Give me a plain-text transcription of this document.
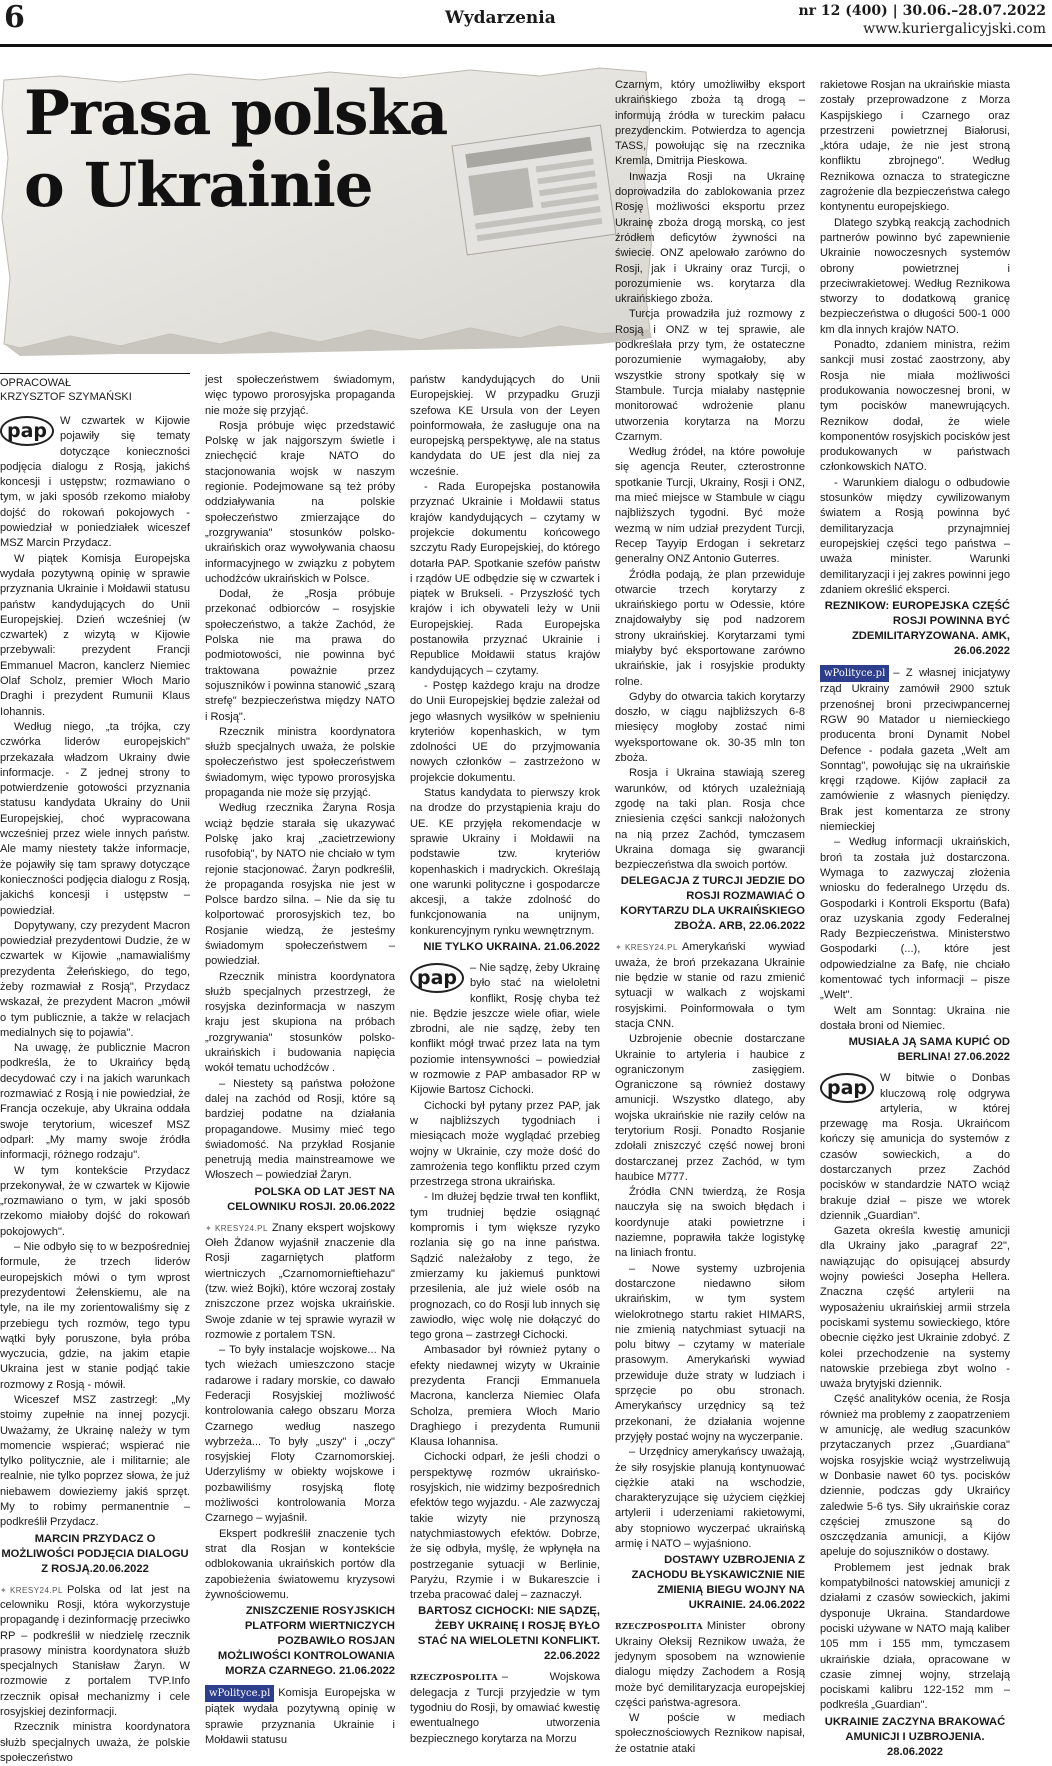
6	Wydarzenia	nr 12 (400) | 30.06.–28.07.2022
www.kuriergalicyjski.com
Prasa polska
o Ukrainie
OPRACOWAŁ
KRZYSZTOF SZYMAŃSKI
pap	W czwartek w Kijowie pojawiły się tematy dotyczące konieczności podjęcia dialogu z Rosją, jakichś koncesji i ustępstw; rozmawiano o tym, w jaki sposób rzekomo miałoby dojść do rokowań pokojowych - powiedział w poniedziałek wiceszef MSZ Marcin Przydacz.

W piątek Komisja Europejska wydała pozytywną opinię w sprawie przyznania Ukrainie i Mołdawii statusu państw kandydujących do Unii Europejskiej. Dzień wcześniej (w czwartek) z wizytą w Kijowie przebywali: prezydent Francji Emmanuel Macron, kanclerz Niemiec Olaf Scholz, premier Włoch Mario Draghi i prezydent Rumunii Klaus Iohannis.

Według niego, „ta trójka, czy czwórka liderów europejskich" przekazała władzom Ukrainy dwie informacje. - Z jednej strony to potwierdzenie gotowości przyznania statusu kandydata Ukrainy do Unii Europejskiej, choć wypracowana wcześniej przez wiele innych państw. Ale mamy niestety także informacje, że pojawiły się tam sprawy dotyczące konieczności podjęcia dialogu z Rosją, jakichś koncesji i ustępstw – powiedział.

Dopytywany, czy prezydent Macron powiedział prezydentowi Dudzie, że w czwartek w Kijowie „namawialiśmy prezydenta Żełeńskiego, do tego, żeby rozmawiał z Rosją", Przydacz wskazał, że prezydent Macron „mówił o tym publicznie, a także w relacjach medialnych się to pojawia".

Na uwagę, że publicznie Macron podkreśla, że to Ukraińcy będą decydować czy i na jakich warunkach rozmawiać z Rosją i nie powiedział, że Francja oczekuje, aby Ukraina oddała swoje terytorium, wiceszef MSZ odparł: „My mamy swoje źródła informacji, różnego rodzaju".

W tym kontekście Przydacz przekonywał, że w czwartek w Kijowie „rozmawiano o tym, w jaki sposób rzekomo miałoby dojść do rokowań pokojowych".

– Nie odbyło się to w bezpośredniej formule, że trzech liderów europejskich mówi o tym wprost prezydentowi Żełenskiemu, ale na tyle, na ile my zorientowaliśmy się z przebiegu tych rozmów, tego typu wątki były poruszone, była próba wyczucia, gdzie, na jakim etapie Ukraina jest w stanie podjąć takie rozmowy z Rosją - mówił.

Wiceszef MSZ zastrzegł: „My stoimy zupełnie na innej pozycji. Uważamy, że Ukrainę należy w tym momencie wspierać; wspierać nie tylko politycznie, ale i militarnie; ale realnie, nie tylko poprzez słowa, że już niebawem dowieziemy jakiś sprzęt. My to robimy permanentnie – podkreślił Przydacz.

MARCIN PRZYDACZ O MOŻLIWOŚCI PODJĘCIA DIALOGU Z ROSJĄ.20.06.2022

✦ KRESY24.PL Polska od lat jest na celowniku Rosji, która wykorzystuje propagandę i dezinformację przeciwko RP – podkreślił w niedzielę rzecznik prasowy ministra koordynatora służb specjalnych Stanisław Żaryn. W rozmowie z portalem TVP.Info rzecznik opisał mechanizmy i cele rosyjskiej dezinformacji.

Rzecznik ministra koordynatora służb specjalnych uważa, że polskie społeczeństwo

jest społeczeństwem świadomym, więc typowo prorosyjska propaganda nie może się przyjąć.

Rosja próbuje więc przedstawić Polskę w jak najgorszym świetle i zniechęcić kraje NATO do stacjonowania wojsk w naszym regionie. Podejmowane są też próby oddziaływania na polskie społeczeństwo zmierzające do „rozgrywania" stosunków polsko-ukraińskich oraz wywoływania chaosu informacyjnego w związku z pobytem uchodźców ukraińskich w Polsce.

Dodał, że „Rosja próbuje przekonać odbiorców – rosyjskie społeczeństwo, a także Zachód, że Polska nie ma prawa do podmiotowości, nie powinna być traktowana poważnie przez sojuszników i powinna stanowić „szarą strefę" bezpieczeństwa między NATO i Rosją".

Rzecznik ministra koordynatora służb specjalnych uważa, że polskie społeczeństwo jest społeczeństwem świadomym, więc typowo prorosyjska propaganda nie może się przyjąć.

Według rzecznika Żaryna Rosja wciąż będzie starała się ukazywać Polskę jako kraj „zacietrzewiony rusofobią", by NATO nie chciało w tym rejonie stacjonować. Żaryn podkreślił, że propaganda rosyjska nie jest w Polsce bardzo silna. – Nie da się tu kolportować prorosyjskich tez, bo Rosjanie wiedzą, że jesteśmy świadomym społeczeństwem – powiedział.

Rzecznik ministra koordynatora służb specjalnych przestrzegł, że rosyjska dezinformacja w naszym kraju jest skupiona na próbach „rozgrywania" stosunków polsko-ukraińskich i budowania napięcia wokół tematu uchodźców .

– Niestety są państwa położone dalej na zachód od Rosji, które są bardziej podatne na działania propagandowe. Musimy mieć tego świadomość. Na przykład Rosjanie penetrują media mainstreamowe we Włoszech – powiedział Żaryn.

POLSKA OD LAT JEST NA CELOWNIKU ROSJI. 20.06.2022

✦ KRESY24.PL Znany ekspert wojskowy Ołeh Żdanow wyjaśnił znaczenie dla Rosji zagarniętych platform wiertniczych „Czarnomornieftiehazu" (tzw. wież Bojki), które wczoraj zostały zniszczone przez wojska ukraińskie. Swoje zdanie w tej sprawie wyraził w rozmowie z portalem TSN.

– To były instalacje wojskowe... Na tych wieżach umieszczono stacje radarowe i radary morskie, co dawało Federacji Rosyjskiej możliwość kontrolowania całego obszaru Morza Czarnego według naszego wybrzeża... To były „uszy" i „oczy" rosyjskiej Floty Czarnomorskiej. Uderzyliśmy w obiekty wojskowe i pozbawiliśmy rosyjską flotę możliwości kontrolowania Morza Czarnego – wyjaśnił.

Ekspert podkreślił znaczenie tych strat dla Rosjan w kontekście odblokowania ukraińskich portów dla zapobieżenia światowemu kryzysowi żywnościowemu.

ZNISZCZENIE ROSYJSKICH PLATFORM WIERTNICZYCH POZBAWIŁO ROSJAN MOŻLIWOŚCI KONTROLOWANIA MORZA CZARNEGO. 21.06.2022

wPolityce.pl Komisja Europejska w piątek wydała pozytywną opinię w sprawie przyznania Ukrainie i Mołdawii statusu

państw kandydujących do Unii Europejskiej. W przypadku Gruzji szefowa KE Ursula von der Leyen poinformowała, że zasługuje ona na europejską perspektywę, ale na status kandydata do UE jest dla niej za wcześnie.

- Rada Europejska postanowiła przyznać Ukrainie i Mołdawii status krajów kandydujących – czytamy w projekcie dokumentu końcowego szczytu Rady Europejskiej, do którego dotarła PAP. Spotkanie szefów państw i rządów UE odbędzie się w czwartek i piątek w Brukseli. - Przyszłość tych krajów i ich obywateli leży w Unii Europejskiej. Rada Europejska postanowiła przyznać Ukrainie i Republice Mołdawii status krajów kandydujących – czytamy.

- Postęp każdego kraju na drodze do Unii Europejskiej będzie zależał od jego własnych wysiłków w spełnieniu kryteriów kopenhaskich, w tym zdolności UE do przyjmowania nowych członków – zastrzeżono w projekcie dokumentu.

Status kandydata to pierwszy krok na drodze do przystąpienia kraju do UE. KE przyjęła rekomendacje w sprawie Ukrainy i Mołdawii na podstawie tzw. kryteriów kopenhaskich i madryckich. Określają one warunki polityczne i gospodarcze akcesji, a także zdolność do funkcjonowania na unijnym, konkurencyjnym rynku wewnętrznym.

NIE TYLKO UKRAINA. 21.06.2022

pap	– Nie sądzę, żeby Ukrainę było stać na wieloletni konflikt, Rosję chyba też nie. Będzie jeszcze wiele ofiar, wiele zbrodni, ale nie sądzę, żeby ten konflikt mógł trwać przez lata na tym poziomie intensywności – powiedział w rozmowie z PAP ambasador RP w Kijowie Bartosz Cichocki.

Cichocki był pytany przez PAP, jak w najbliższych tygodniach i miesiącach może wyglądać przebieg wojny w Ukrainie, czy może dość do zamrożenia tego konfliktu przed czym przestrzega strona ukraińska.

- Im dłużej będzie trwał ten konflikt, tym trudniej będzie osiągnąć kompromis i tym większe ryzyko rozlania się go na inne państwa. Sądzić należałoby z tego, że zmierzamy ku jakiemuś punktowi przesilenia, ale już wiele osób na prognozach, co do Rosji lub innych się zawiodło, więc wolę nie dołączyć do tego grona – zastrzegł Cichocki.

Ambasador był również pytany o efekty niedawnej wizyty w Ukrainie prezydenta Francji Emmanuela Macrona, kanclerza Niemiec Olafa Scholza, premiera Włoch Mario Draghiego i prezydenta Rumunii Klausa Iohannisa.

Cichocki odparł, że jeśli chodzi o perspektywę rozmów ukraińsko-rosyjskich, nie widzimy bezpośrednich efektów tego wyjazdu. - Ale zazwyczaj takie wizyty nie przynoszą natychmiastowych efektów. Dobrze, że się odbyła, myślę, że wpłynęła na postrzeganie sytuacji w Berlinie, Paryżu, Rzymie i w Bukareszcie i trzeba pracować dalej – zaznaczył.

BARTOSZ CICHOCKI: NIE SĄDZĘ, ŻEBY UKRAINĘ I ROSJĘ BYŁO STAĆ NA WIELOLETNI KONFLIKT. 22.06.2022

RZECZPOSPOLITA – Wojskowa delegacja z Turcji przyjedzie w tym tygodniu do Rosji, by omawiać kwestię ewentualnego utworzenia bezpiecznego korytarza na Morzu

Czarnym, który umożliwiłby eksport ukraińskiego zboża tą drogą – informują źródła w tureckim pałacu prezydenckim. Potwierdza to agencja TASS, powołując się na rzecznika Kremla, Dmitrija Pieskowa.

Inwazja Rosji na Ukrainę doprowadziła do zablokowania przez Rosję możliwości eksportu przez Ukrainę zboża drogą morską, co jest źródłem deficytów żywności na świecie. ONZ apelowało zarówno do Rosji, jak i Ukrainy oraz Turcji, o porozumienie ws. korytarza dla ukraińskiego zboża.

Turcja prowadziła już rozmowy z Rosją i ONZ w tej sprawie, ale podkreślała przy tym, że ostateczne porozumienie wymagałoby, aby wszystkie strony spotkały się w Stambule. Turcja miałaby następnie monitorować wdrożenie planu utworzenia korytarza na Morzu Czarnym.

Według źródeł, na które powołuje się agencja Reuter, czterostronne spotkanie Turcji, Ukrainy, Rosji i ONZ, ma mieć miejsce w Stambule w ciągu najbliższych tygodni. Być może wezmą w nim udział prezydent Turcji, Recep Tayyip Erdogan i sekretarz generalny ONZ Antonio Guterres.

Źródła podają, że plan przewiduje otwarcie trzech korytarzy z ukraińskiego portu w Odessie, które znajdowałyby się pod nadzorem strony ukraińskiej. Korytarzami tymi miałyby być eksportowane zarówno ukraińskie, jak i rosyjskie produkty rolne.

Gdyby do otwarcia takich korytarzy doszło, w ciągu najbliższych 6-8 miesięcy mogłoby zostać nimi wyeksportowane ok. 30-35 mln ton zboża.

Rosja i Ukraina stawiają szereg warunków, od których uzależniają zgodę na taki plan. Rosja chce zniesienia części sankcji nałożonych na nią przez Zachód, tymczasem Ukraina domaga się gwarancji bezpieczeństwa dla swoich portów.

DELEGACJA Z TURCJI JEDZIE DO ROSJI ROZMAWIAĆ O KORYTARZU DLA UKRAIŃSKIEGO ZBOŻA. ARB, 22.06.2022

✦ KRESY24.PL Amerykański wywiad uważa, że broń przekazana Ukrainie nie będzie w stanie od razu zmienić sytuacji w walkach z wojskami rosyjskimi. Poinformowała o tym stacja CNN.

Uzbrojenie obecnie dostarczane Ukrainie to artyleria i haubice z ograniczonym zasięgiem. Ograniczone są również dostawy amunicji. Wszystko dlatego, aby wojska ukraińskie nie raziły celów na terytorium Rosji. Ponadto Rosjanie zdołali zniszczyć część nowej broni dostarczanej przez Zachód, w tym haubice M777.

Źródła CNN twierdzą, że Rosja nauczyła się na swoich błędach i koordynuje ataki powietrzne i naziemne, poprawiła także logistykę na liniach frontu.

– Nowe systemy uzbrojenia dostarczone niedawno siłom ukraińskim, w tym system wielokrotnego startu rakiet HIMARS, nie zmienią natychmiast sytuacji na polu bitwy – czytamy w materiale prasowym. Amerykański wywiad przewiduje duże straty w ludziach i sprzęcie po obu stronach. Amerykańscy urzędnicy są też przekonani, że działania wojenne przyjęły postać wojny na wyczerpanie.

– Urzędnicy amerykańscy uważają, że siły rosyjskie planują kontynuować ciężkie ataki na wschodzie, charakteryzujące się użyciem ciężkiej artylerii i uderzeniami rakietowymi, aby stopniowo wyczerpać ukraińską armię i NATO – wyjaśniono.

DOSTAWY UZBROJENIA Z ZACHODU BŁYSKAWICZNIE NIE ZMIENIĄ BIEGU WOJNY NA UKRAINIE. 24.06.2022

RZECZPOSPOLITA Minister obrony Ukrainy Ołeksij Reznikow uważa, że jedynym sposobem na wznowienie dialogu między Zachodem a Rosją może być demilitaryzacja europejskiej części państwa-agresora.

W poście w mediach społecznościowych Reznikow napisał, że ostatnie ataki

rakietowe Rosjan na ukraińskie miasta zostały przeprowadzone z Morza Kaspijskiego i Czarnego oraz przestrzeni powietrznej Białorusi, „która udaje, że nie jest stroną konfliktu zbrojnego". Według Reznikowa oznacza to strategiczne zagrożenie dla bezpieczeństwa całego kontynentu europejskiego.

Dlatego szybką reakcją zachodnich partnerów powinno być zapewnienie Ukrainie nowoczesnych systemów obrony powietrznej i przeciwrakietowej. Według Reznikowa stworzy to dodatkową granicę bezpieczeństwa o długości 500-1 000 km dla innych krajów NATO.

Ponadto, zdaniem ministra, reżim sankcji musi zostać zaostrzony, aby Rosja nie miała możliwości produkowania nowoczesnej broni, w tym pocisków manewrujących. Reznikow dodał, że wiele komponentów rosyjskich pocisków jest produkowanych w państwach członkowskich NATO.

- Warunkiem dialogu o odbudowie stosunków między cywilizowanym światem a Rosją powinna być demilitaryzacja przynajmniej europejskiej części tego państwa – uważa minister. Warunki demilitaryzacji i jej zakres powinni jego zdaniem określić eksperci.

REZNIKOW: EUROPEJSKA CZĘŚĆ ROSJI POWINNA BYĆ ZDEMILITARYZOWANA. AMK, 26.06.2022

wPolityce.pl – Z własnej inicjatywy rząd Ukrainy zamówił 2900 sztuk przenośnej broni przeciwpancernej RGW 90 Matador u niemieckiego producenta broni Dynamit Nobel Defence - podała gazeta „Welt am Sonntag", powołując się na ukraińskie kręgi rządowe. Kijów zapłacił za zamówienie z własnych pieniędzy. Brak jest komentarza ze strony niemieckiej

– Według informacji ukraińskich, broń ta została już dostarczona. Wymaga to zazwyczaj złożenia wniosku do federalnego Urzędu ds. Gospodarki i Kontroli Eksportu (Bafa) oraz uzyskania zgody Federalnej Rady Bezpieczeństwa. Ministerstwo Gospodarki (...), które jest odpowiedzialne za Bafę, nie chciało komentować tych informacji – pisze „Welt".

Welt am Sonntag: Ukraina nie dostała broni od Niemiec.

MUSIAŁA JĄ SAMA KUPIĆ OD BERLINA! 27.06.2022

pap	W bitwie o Donbas kluczową rolę odgrywa artyleria, w której przewagę ma Rosja. Ukraińcom kończy się amunicja do systemów z czasów sowieckich, a do dostarczanych przez Zachód pocisków w standardzie NATO wciąż brakuje dział – pisze we wtorek dziennik „Guardian".

Gazeta określa kwestię amunicji dla Ukrainy jako „paragraf 22", nawiązując do opisującej absurdy wojny powieści Josepha Hellera. Znaczna część artylerii na wyposażeniu ukraińskiej armii strzela pociskami systemu sowieckiego, które obecnie ciężko jest Ukrainie zdobyć. Z kolei przechodzenie na systemy natowskie przebiega zbyt wolno - uważa brytyjski dziennik.

Część analityków ocenia, że Rosja również ma problemy z zaopatrzeniem w amunicję, ale według szacunków przytaczanych przez „Guardiana" wojska rosyjskie wciąż wystrzeliwują w Donbasie nawet 60 tys. pocisków dziennie, podczas gdy Ukraińcy zaledwie 5-6 tys. Siły ukraińskie coraz częściej zmuszone są do oszczędzania amunicji, a Kijów apeluje do sojuszników o dostawy.

Problemem jest jednak brak kompatybilności natowskiej amunicji z działami z czasów sowieckich, jakimi dysponuje Ukraina. Standardowe pociski używane w NATO mają kaliber 105 mm i 155 mm, tymczasem ukraińskie działa, opracowane w czasie zimnej wojny, strzelają pociskami kalibru 122-152 mm – podkreśla „Guardian".

UKRAINIE ZACZYNA BRAKOWAĆ AMUNICJI I UZBROJENIA. 28.06.2022
